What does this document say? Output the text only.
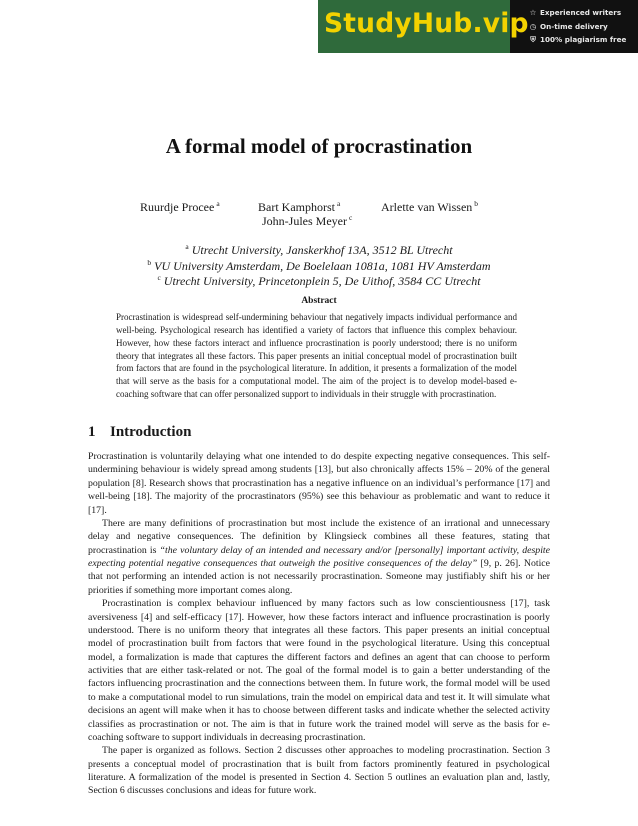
StudyHub.vip ☆ Experienced writers
◷ On-time delivery
⛨ 100% plagiarism free
A formal model of procrastination
Ruurdje Procee $^a$	Bart Kamphorst $^a$	Arlette van Wissen $^b$
John-Jules Meyer $^c$
$^a$ Utrecht University, Janskerkhof 13A, 3512 BL Utrecht
$^b$ VU University Amsterdam, De Boelelaan 1081a, 1081 HV Amsterdam
$^c$ Utrecht University, Princetonplein 5, De Uithof, 3584 CC Utrecht
Abstract
Procrastination is widespread self-undermining behaviour that negatively impacts individual performance and well-being. Psychological research has identified a variety of factors that influence this complex behaviour. However, how these factors interact and influence procrastination is poorly understood; there is no uniform theory that integrates all these factors. This paper presents an initial conceptual model of procrastination built from factors that are found in the psychological literature. In addition, it presents a formalization of the model that will serve as the basis for a computational model. The aim of the project is to develop model-based e-coaching software that can offer personalized support to individuals in their struggle with procrastination.
1 Introduction

Procrastination is voluntarily delaying what one intended to do despite expecting negative consequences. This self-undermining behaviour is widely spread among students [13], but also chronically affects 15% – 20% of the general population [8]. Research shows that procrastination has a negative influence on an individual’s performance [17] and well-being [18]. The majority of the procrastinators (95%) see this behaviour as problematic and want to reduce it [17].

There are many definitions of procrastination but most include the existence of an irrational and unnecessary delay and negative consequences. The definition by Klingsieck combines all these features, stating that procrastination is “the voluntary delay of an intended and necessary and/or [personally] important activity, despite expecting potential negative consequences that outweigh the positive consequences of the delay” [9, p. 26]. Notice that not performing an intended action is not necessarily procrastination. Someone may justifiably shift his or her priorities if something more important comes along.

Procrastination is complex behaviour influenced by many factors such as low conscientiousness [17], task aversiveness [4] and self-efficacy [17]. However, how these factors interact and influence procrastination is poorly understood. There is no uniform theory that integrates all these factors. This paper presents an initial conceptual model of procrastination built from factors that were found in the psychological literature. Using this conceptual model, a formalization is made that captures the different factors and defines an agent that can choose to perform activities that are either task-related or not. The goal of the formal model is to gain a better understanding of the factors influencing procrastination and the connections between them. In future work, the formal model will be used to make a computational model to run simulations, train the model on empirical data and test it. It will simulate what decisions an agent will make when it has to choose between different tasks and indicate whether the selected activity classifies as procrastination or not. The aim is that in future work the trained model will serve as the basis for e-coaching software to support individuals in decreasing procrastination.

The paper is organized as follows. Section 2 discusses other approaches to modeling procrastination. Section 3 presents a conceptual model of procrastination that is built from factors prominently featured in psychological literature. A formalization of the model is presented in Section 4. Section 5 outlines an evaluation plan and, lastly, Section 6 discusses conclusions and ideas for future work.
